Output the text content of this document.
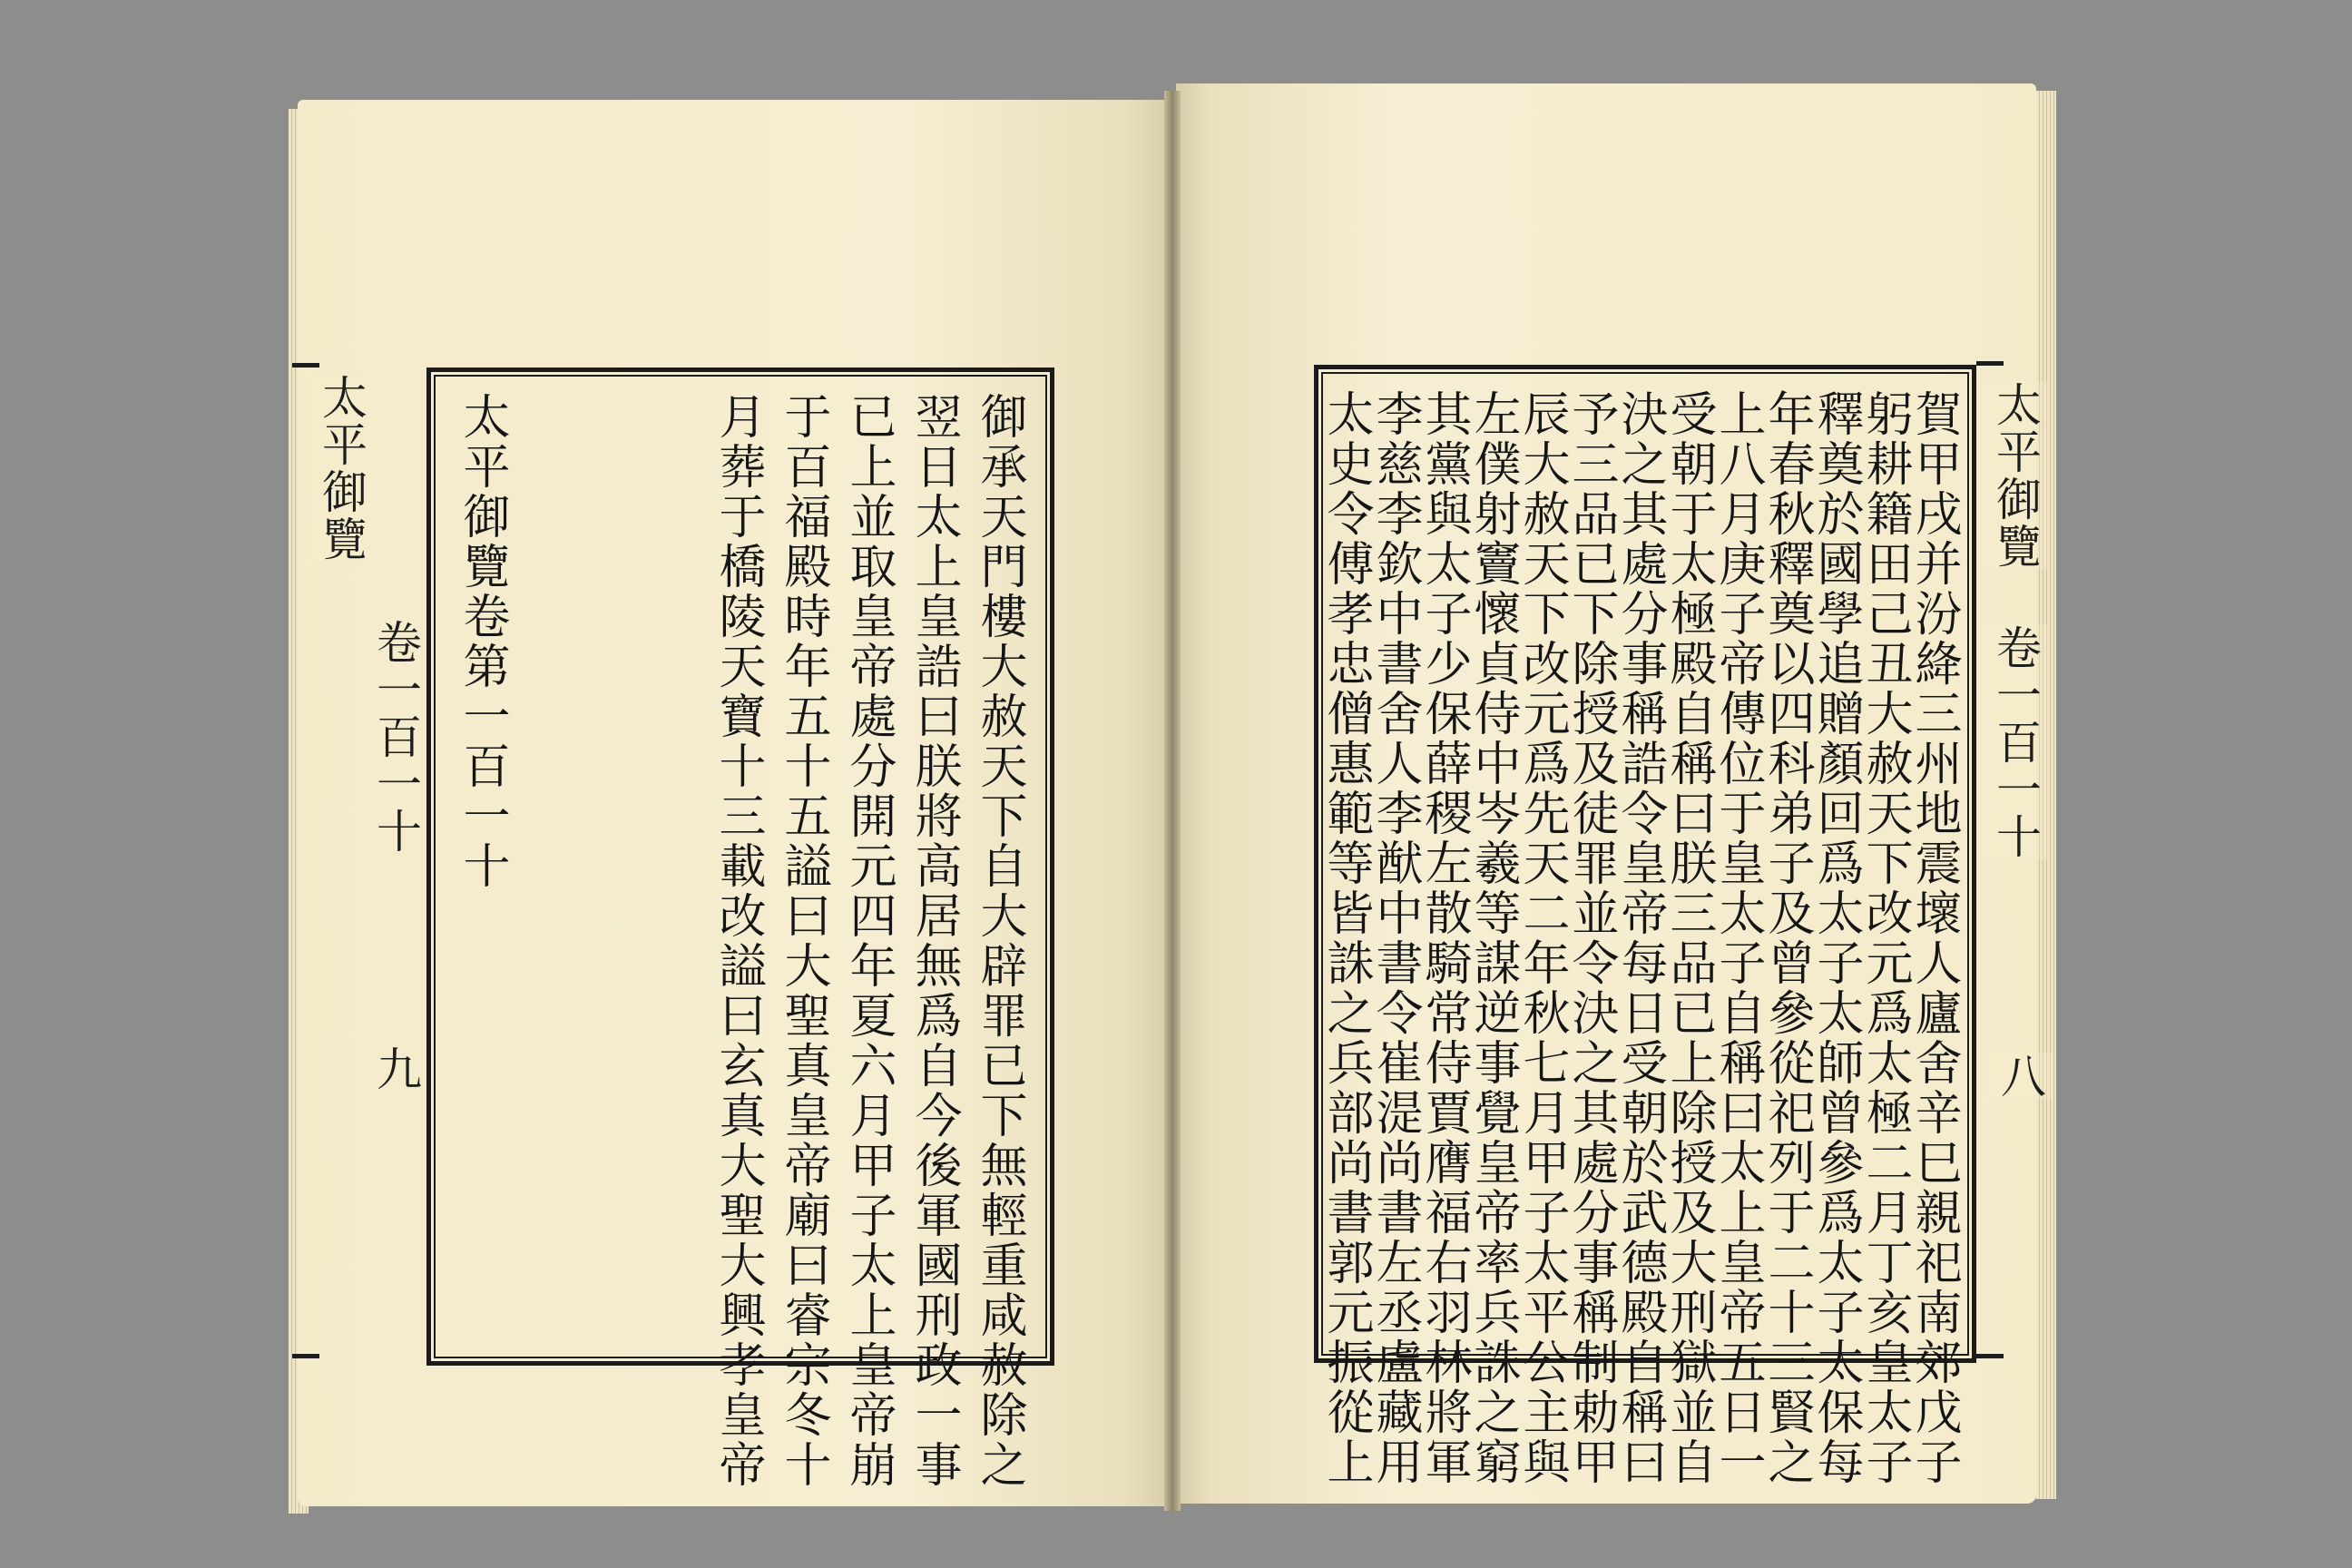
太平御覽
卷一百一十
九
太平御覽
卷一百一十
八
御承天門樓大赦天下自大辟罪已下無輕重咸赦除之
翌日太上皇誥曰朕將高居無爲自今後軍國刑政一事
已上並取皇帝處分開元四年夏六月甲子太上皇帝崩
于百福殿時年五十五謚曰大聖真皇帝廟曰睿宗冬十
月葬于橋陵天寶十三載改謚曰玄真大聖大興孝皇帝
太平御覽卷第一百一十	賀甲戌并汾絳三州地震壞人廬舍辛巳親祀南郊戊子
躬耕籍田己丑大赦天下改元爲太極二月丁亥皇太子
釋奠於國學追贈顏回爲太子太師曾參爲太子太保每
年春秋釋奠以四科弟子及曾參從祀列于二十三賢之
上八月庚子帝傳位于皇太子自稱曰太上皇帝五日一
受朝于太極殿自稱曰朕三品已上除授及大刑獄並自
決之其處分事稱誥令皇帝每日受朝於武德殿自稱曰
予三品已下除授及徒罪並令決之其處分事稱制勅甲
辰大赦天下改元爲先天二年秋七月甲子太平公主與
左僕射竇懷貞侍中岑羲等謀逆事覺皇帝率兵誅之窮
其黨與太子少保薛稷左散騎常侍賈膺福右羽林將軍
李慈李欽中書舍人李猷中書令崔湜尚書左丞盧藏用
太史令傅孝忠僧惠範等皆誅之兵部尚書郭元振從上
